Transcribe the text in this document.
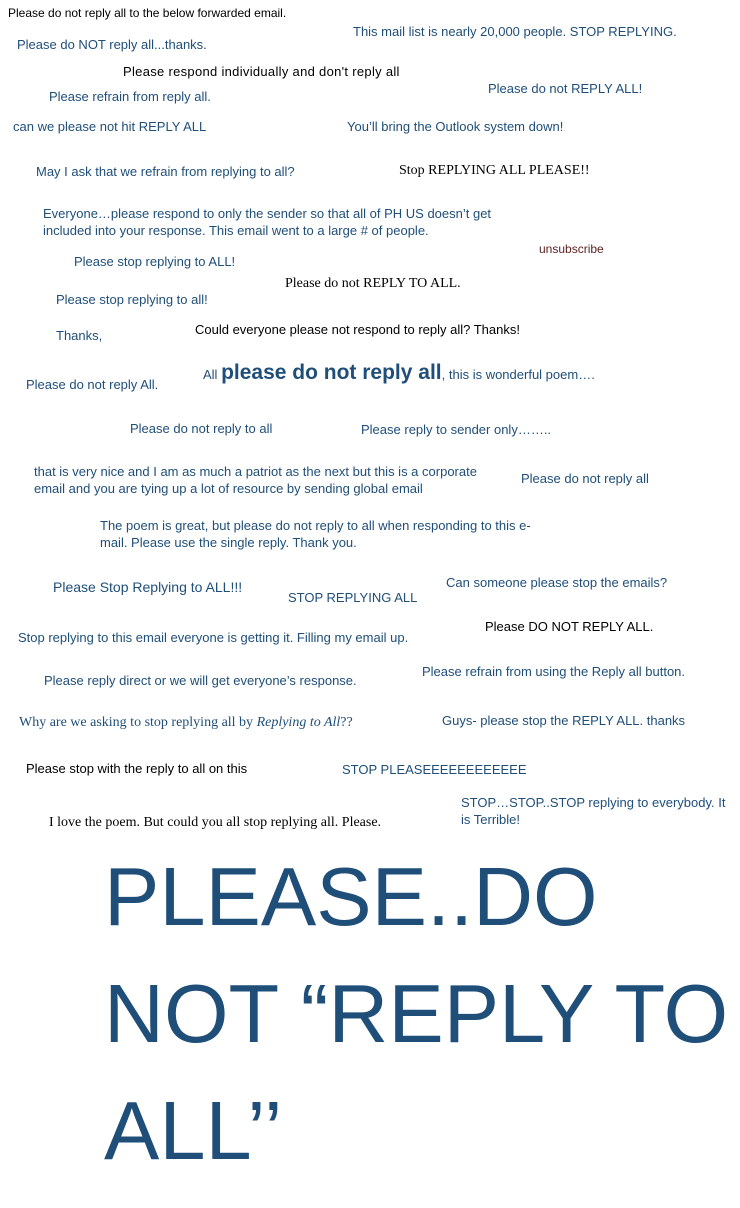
Please do not reply all to the below forwarded email.

This mail list is nearly 20,000 people. STOP REPLYING.

Please do NOT reply all...thanks.

Please respond individually and don't reply all

Please do not REPLY ALL!

Please refrain from reply all.

can we please not hit REPLY ALL	You’ll bring the Outlook system down!

May I ask that we refrain from replying to all?	Stop REPLYING ALL PLEASE!!

Everyone…please respond to only the sender so that all of PH US doesn’t get included into your response. This email went to a large # of people.

unsubscribe

Please stop replying to ALL!

Please do not REPLY TO ALL.

Please stop replying to all!

Could everyone please not respond to reply all? Thanks!

Thanks,

All please do not reply all, this is wonderful poem….

Please do not reply All.

Please do not reply to all	Please reply to sender only……..

that is very nice and I am as much a patriot as the next but this is a corporate email and you are tying up a lot of resource by sending global email

Please do not reply all

The poem is great, but please do not reply to all when responding to this e-mail. Please use the single reply. Thank you.

Please Stop Replying to ALL!!!	Can someone please stop the emails?

STOP REPLYING ALL

Please DO NOT REPLY ALL.

Stop replying to this email everyone is getting it. Filling my email up.

Please refrain from using the Reply all button.

Please reply direct or we will get everyone’s response.

Why are we asking to stop replying all by Replying to All??	Guys- please stop the REPLY ALL. thanks

Please stop with the reply to all on this	STOP PLEASEEEEEEEEEEEE

STOP…STOP..STOP replying to everybody. It is Terrible!

I love the poem. But could you all stop replying all. Please.

PLEASE..DO
NOT “REPLY TO
ALL’’
